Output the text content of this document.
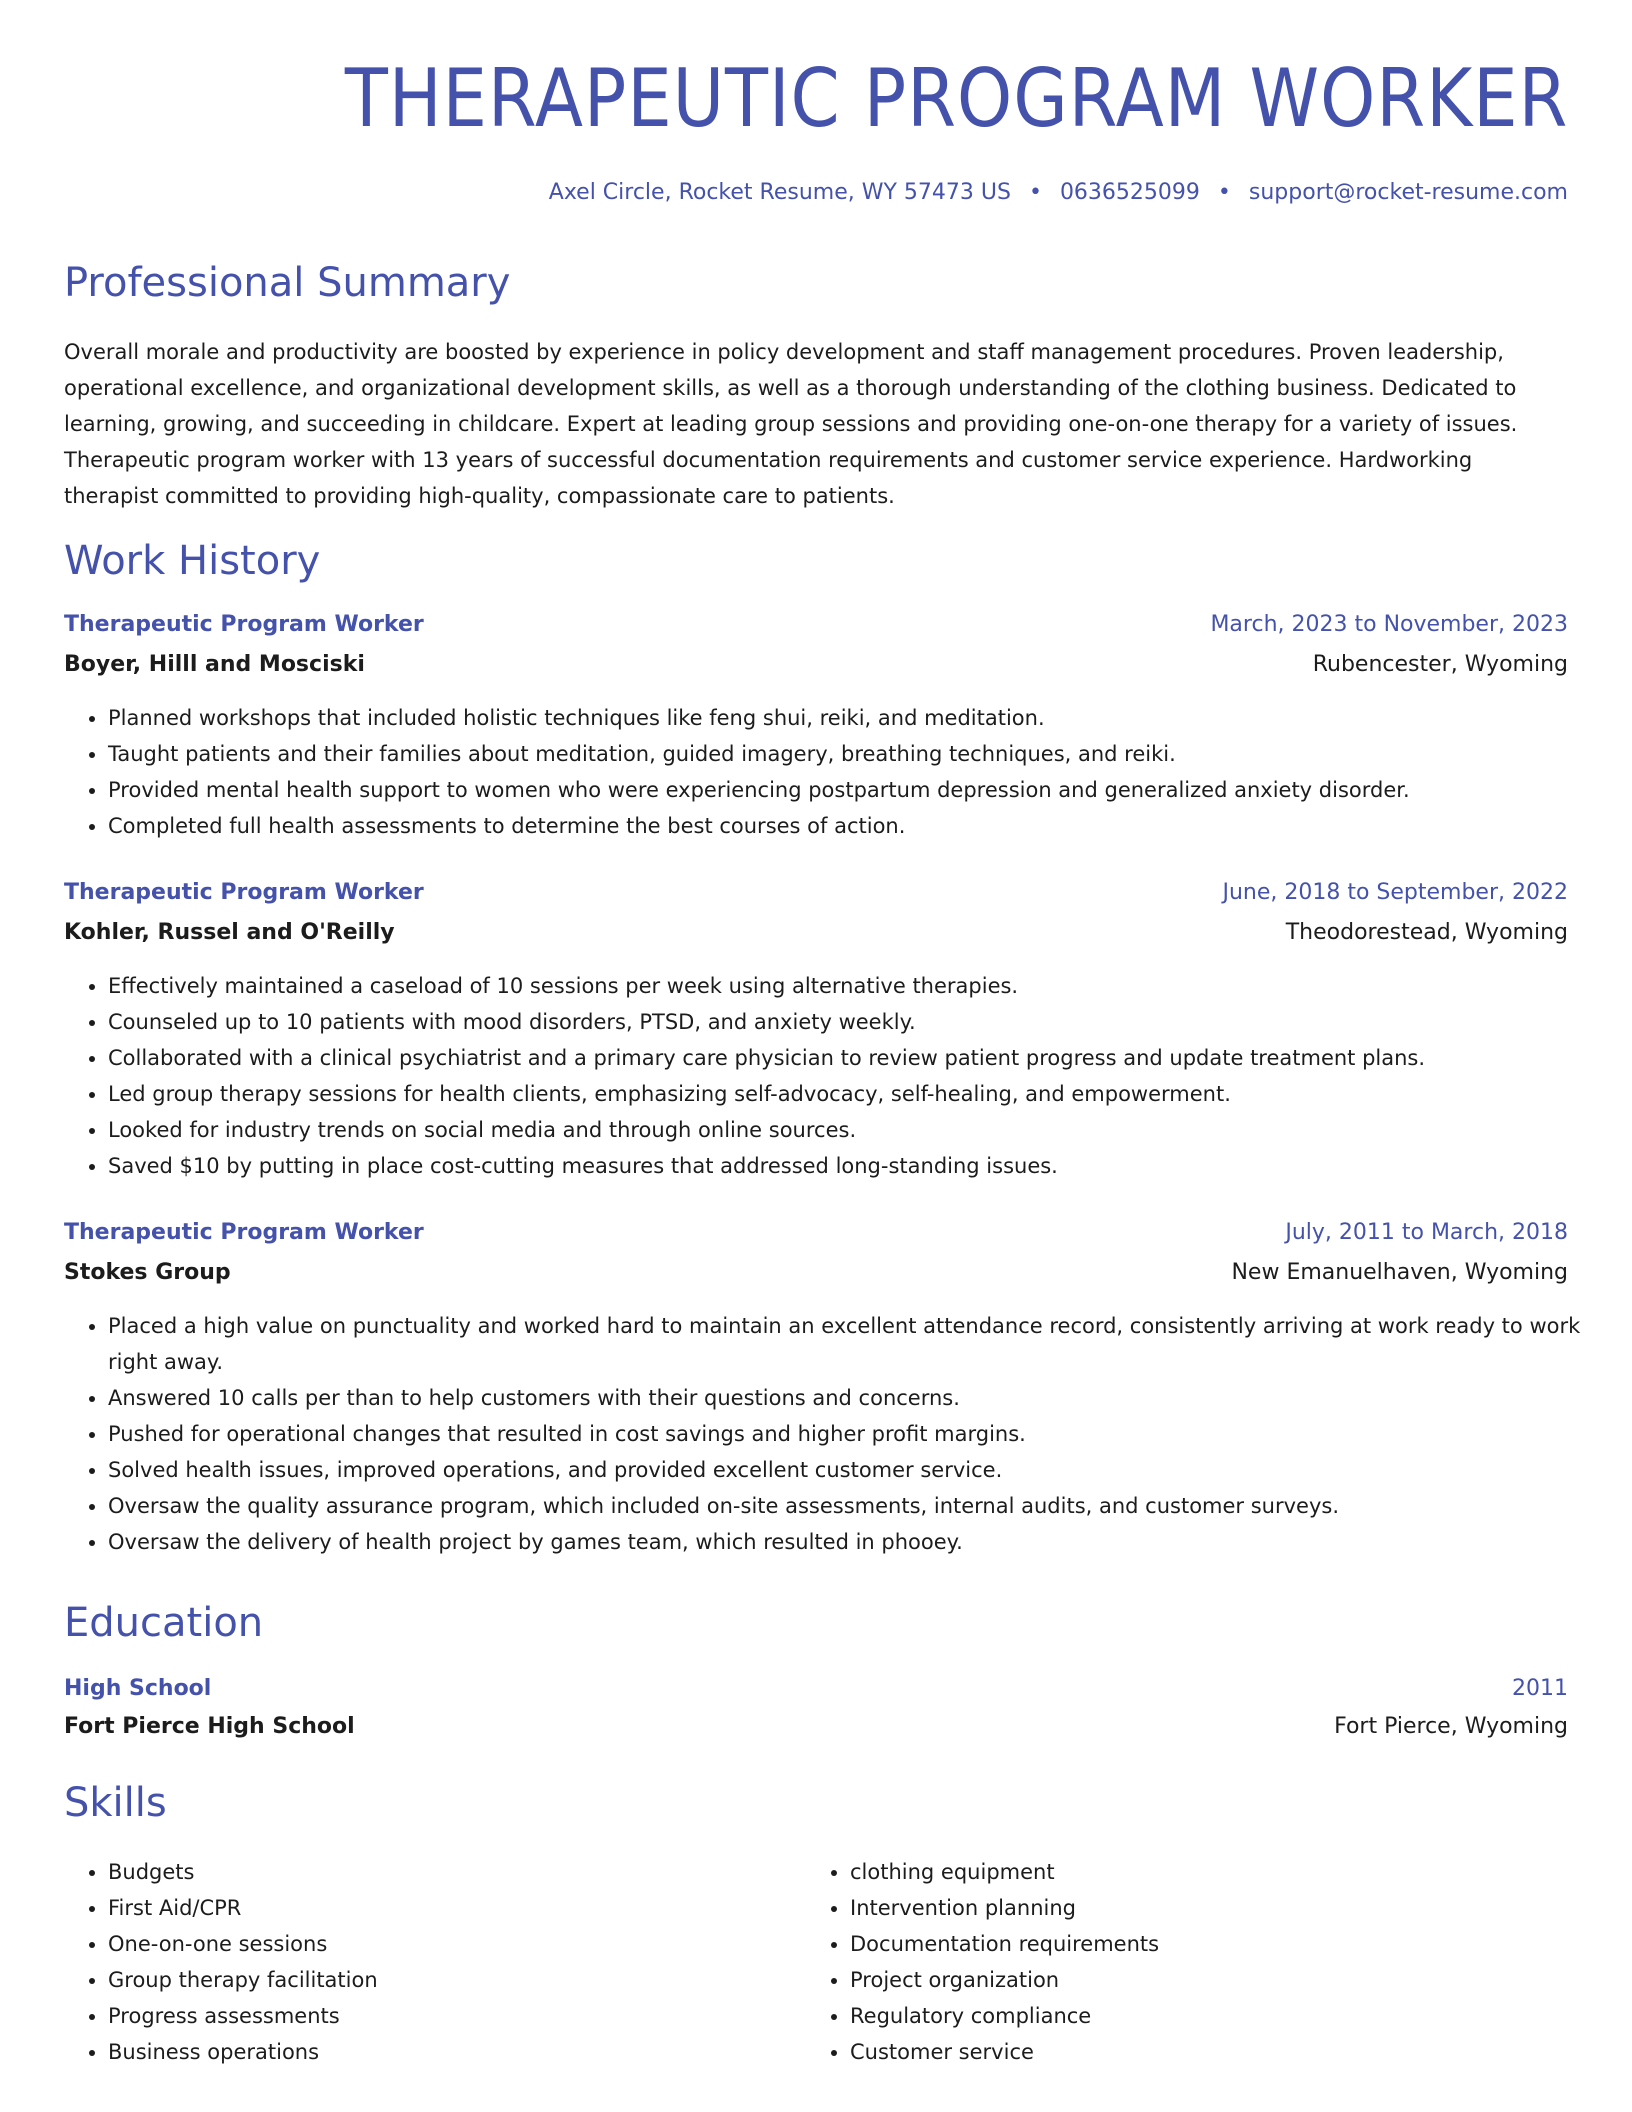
THERAPEUTIC PROGRAM WORKER
Axel Circle, Rocket Resume, WY 57473 US • 0636525099 • support@rocket-resume.com
Professional Summary

Overall morale and productivity are boosted by experience in policy development and staff management procedures. Proven leadership, operational excellence, and organizational development skills, as well as a thorough understanding of the clothing business. Dedicated to learning, growing, and succeeding in childcare. Expert at leading group sessions and providing one-on-one therapy for a variety of issues. Therapeutic program worker with 13 years of successful documentation requirements and customer service experience. Hardworking therapist committed to providing high-quality, compassionate care to patients.

Work History
Therapeutic Program Worker	March, 2023 to November, 2023
Boyer, Hilll and Mosciski	Rubencester, Wyoming
• Planned workshops that included holistic techniques like feng shui, reiki, and meditation.
• Taught patients and their families about meditation, guided imagery, breathing techniques, and reiki.
• Provided mental health support to women who were experiencing postpartum depression and generalized anxiety disorder.
• Completed full health assessments to determine the best courses of action.
Therapeutic Program Worker	June, 2018 to September, 2022
Kohler, Russel and O'Reilly	Theodorestead, Wyoming
• Effectively maintained a caseload of 10 sessions per week using alternative therapies.
• Counseled up to 10 patients with mood disorders, PTSD, and anxiety weekly.
• Collaborated with a clinical psychiatrist and a primary care physician to review patient progress and update treatment plans.
• Led group therapy sessions for health clients, emphasizing self-advocacy, self-healing, and empowerment.
• Looked for industry trends on social media and through online sources.
• Saved $10 by putting in place cost-cutting measures that addressed long-standing issues.
Therapeutic Program Worker	July, 2011 to March, 2018
Stokes Group	New Emanuelhaven, Wyoming
• Placed a high value on punctuality and worked hard to maintain an excellent attendance record, consistently arriving at work ready to work right away.
• Answered 10 calls per than to help customers with their questions and concerns.
• Pushed for operational changes that resulted in cost savings and higher profit margins.
• Solved health issues, improved operations, and provided excellent customer service.
• Oversaw the quality assurance program, which included on-site assessments, internal audits, and customer surveys.
• Oversaw the delivery of health project by games team, which resulted in phooey.
Education
High School	2011
Fort Pierce High School	Fort Pierce, Wyoming
Skills
• Budgets
• First Aid/CPR
• One-on-one sessions
• Group therapy facilitation
• Progress assessments
• Business operations
• clothing equipment
• Intervention planning
• Documentation requirements
• Project organization
• Regulatory compliance
• Customer service
